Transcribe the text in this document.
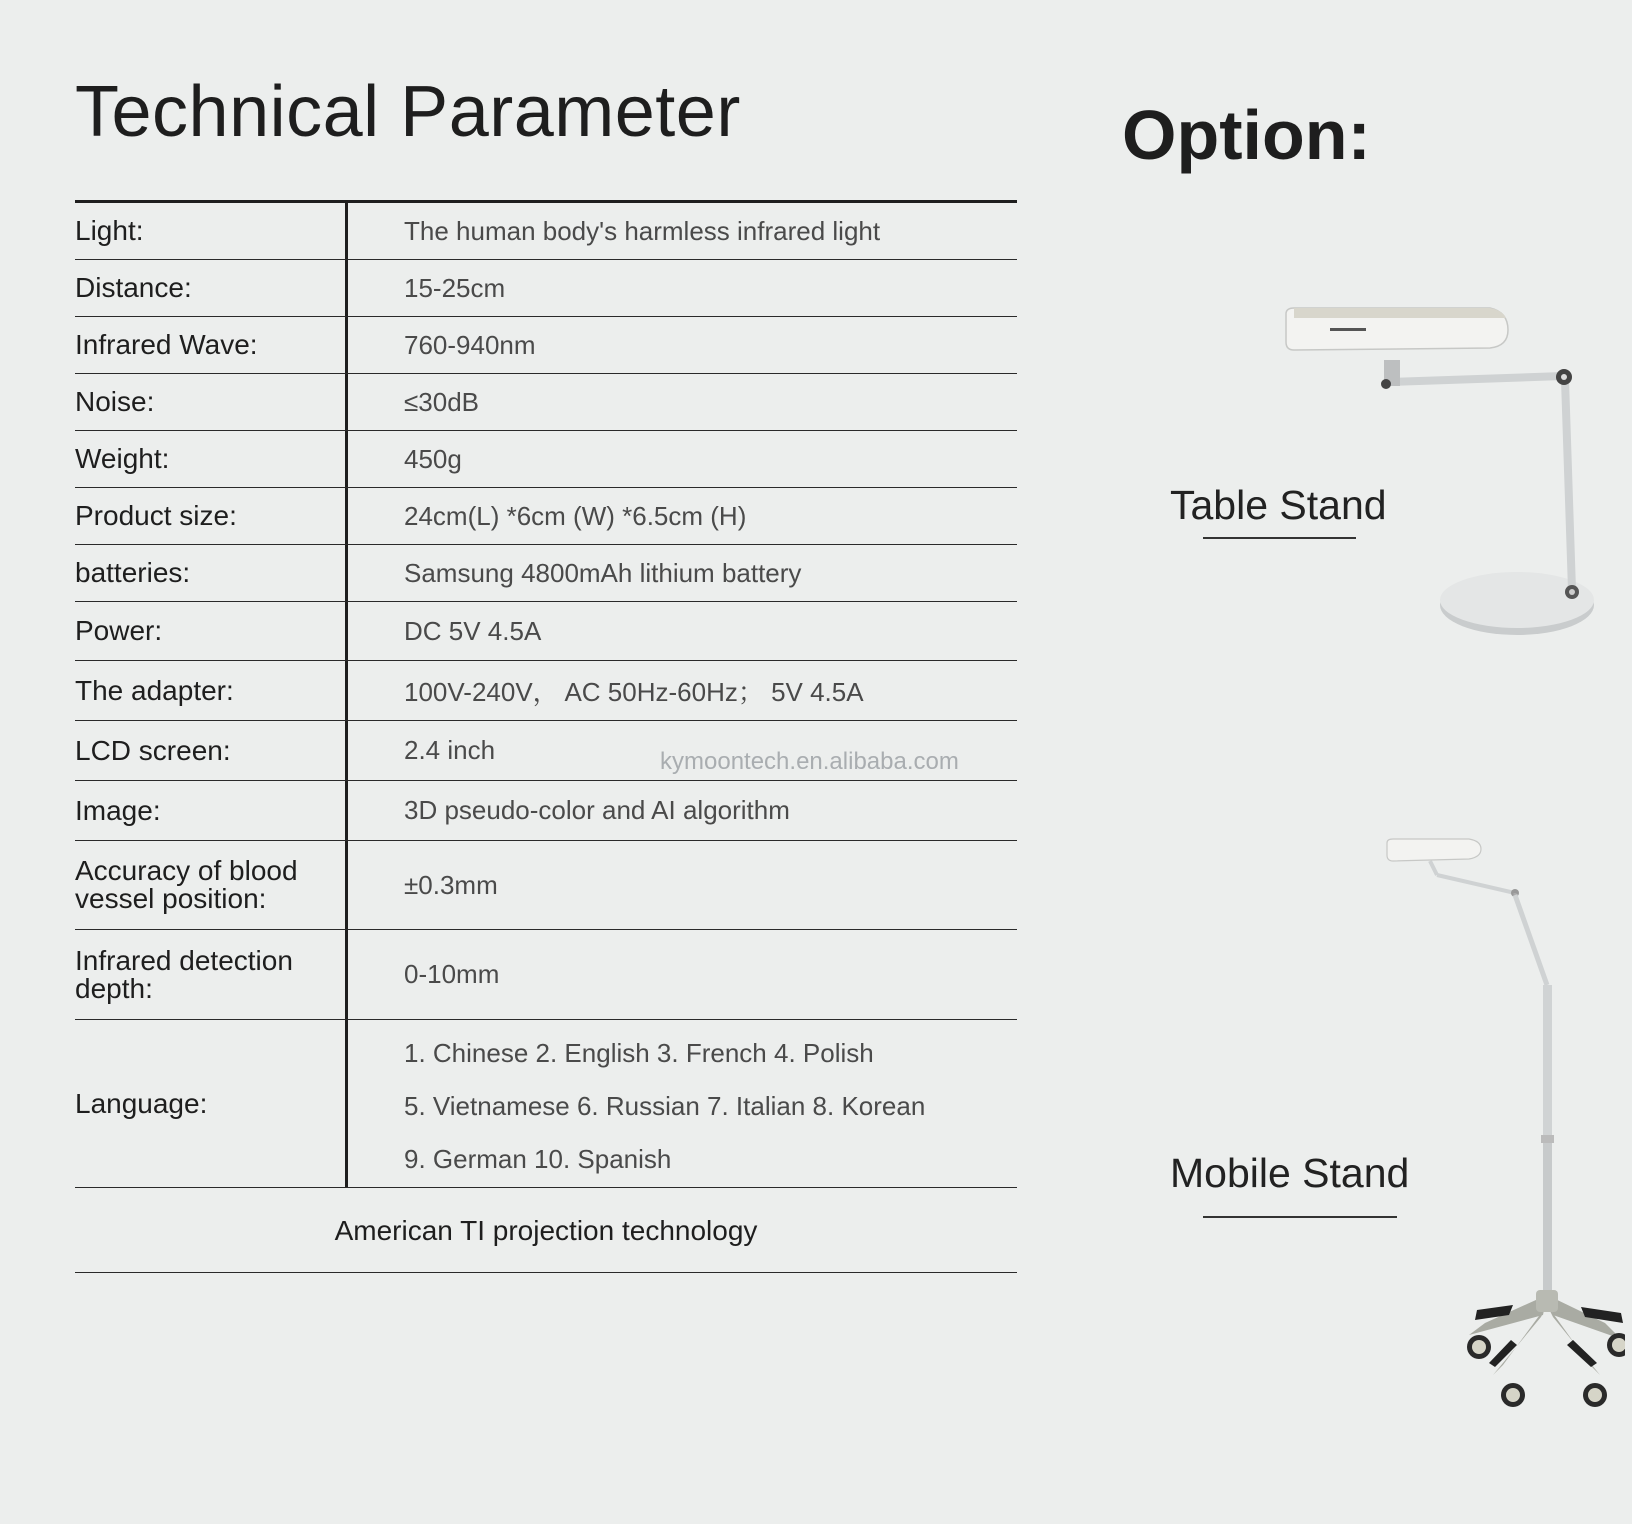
Technical Parameter	Option:
Light:	The human body's harmless infrared light
Distance:	15-25cm
Infrared Wave:	760-940nm
Noise:	≤30dB
Weight:	450g
Product size:	24cm(L) *6cm (W) *6.5cm (H)
batteries:	Samsung 4800mAh lithium battery
Power:	DC 5V 4.5A
The adapter:	100V-240V， AC 50Hz-60Hz； 5V 4.5A
LCD screen:	2.4 inch
Image:	3D pseudo-color and AI algorithm
Accuracy of blood vessel position:	±0.3mm
Infrared detection depth:	0-10mm
Language:
1. Chinese 2. English 3. French 4. Polish
5. Vietnamese 6. Russian 7. Italian 8. Korean
9. German 10. Spanish
American TI projection technology
kymoontech.en.alibaba.com
Table Stand
Mobile Stand
